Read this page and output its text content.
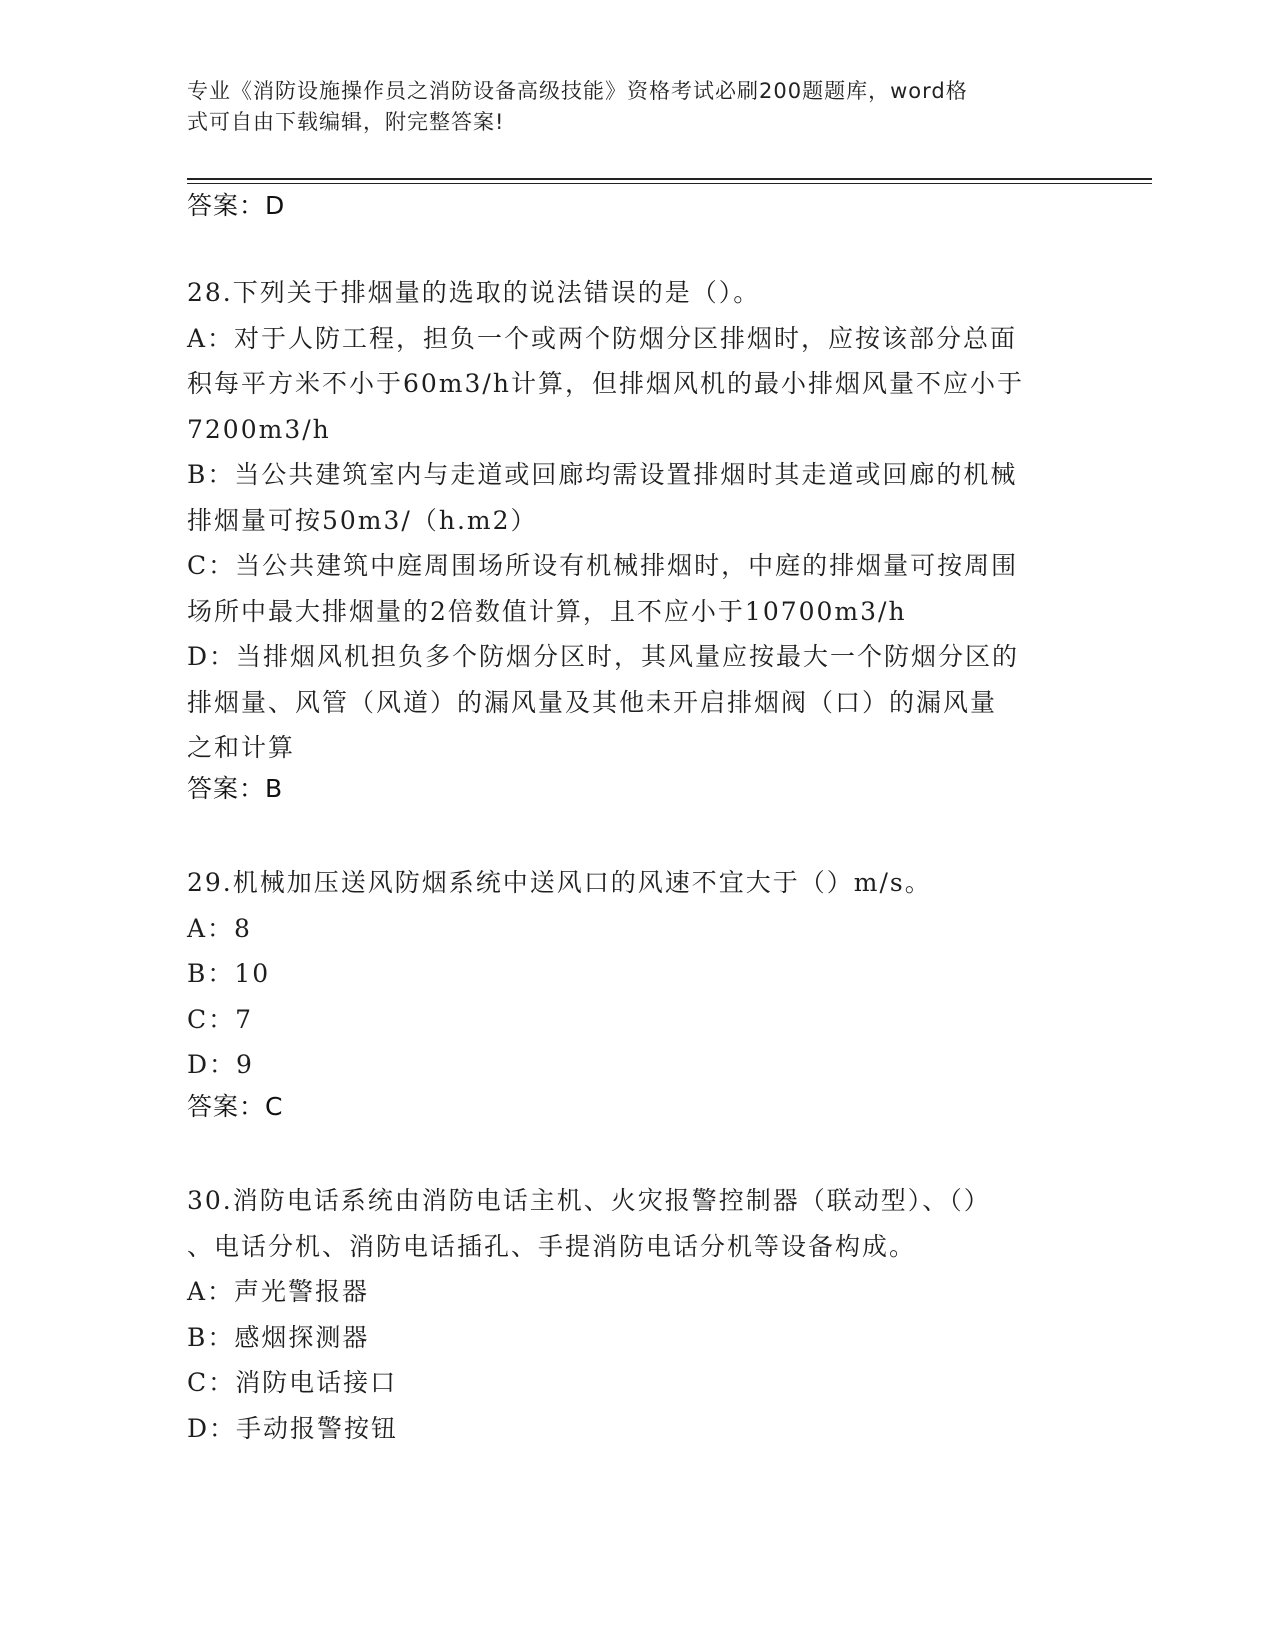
专业《消防设施操作员之消防设备高级技能》资格考试必刷200题题库，word格
式可自由下载编辑，附完整答案!
答案：D
28.下列关于排烟量的选取的说法错误的是（）。
A：对于人防工程，担负一个或两个防烟分区排烟时，应按该部分总面
积每平方米不小于60m3/h计算，但排烟风机的最小排烟风量不应小于
7200m3/h
B：当公共建筑室内与走道或回廊均需设置排烟时其走道或回廊的机械
排烟量可按50m3/（h.m2）
C：当公共建筑中庭周围场所设有机械排烟时，中庭的排烟量可按周围
场所中最大排烟量的2倍数值计算，且不应小于10700m3/h
D：当排烟风机担负多个防烟分区时，其风量应按最大一个防烟分区的
排烟量、风管（风道）的漏风量及其他未开启排烟阀（口）的漏风量
之和计算
答案：B
29.机械加压送风防烟系统中送风口的风速不宜大于（）m/s。
A：8
B：10
C：7
D：9
答案：C
30.消防电话系统由消防电话主机、火灾报警控制器（联动型）、（）
、电话分机、消防电话插孔、手提消防电话分机等设备构成。
A：声光警报器
B：感烟探测器
C：消防电话接口
D：手动报警按钮
